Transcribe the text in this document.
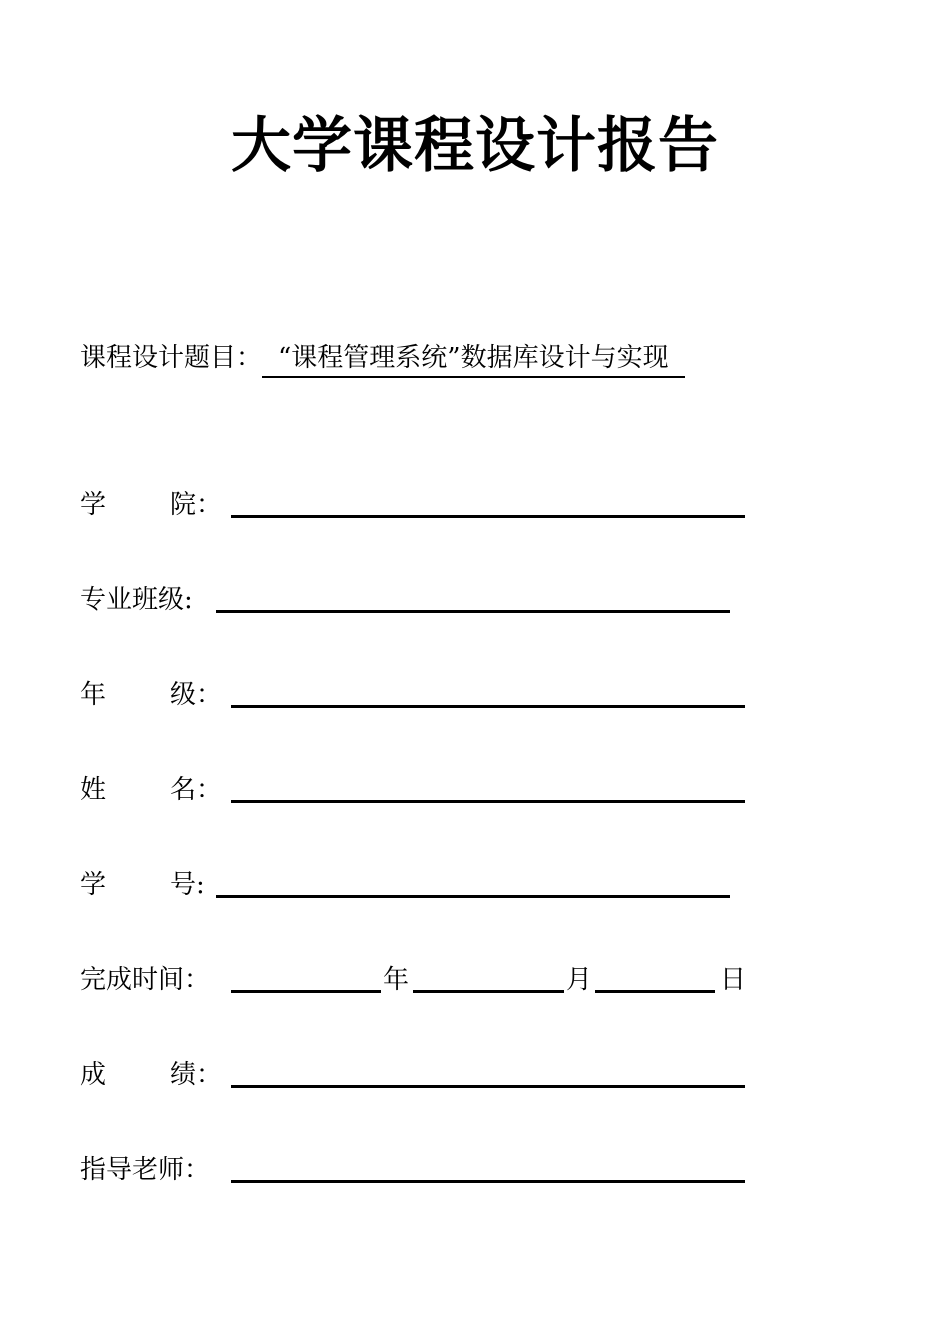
大学课程设计报告
课程设计题目： “课程管理系统”数据库设计与实现
学 院：
专业班级:
年 级：
姓 名：
学 号:
完成时间：	年	月	日
成 绩：
指导老师：
